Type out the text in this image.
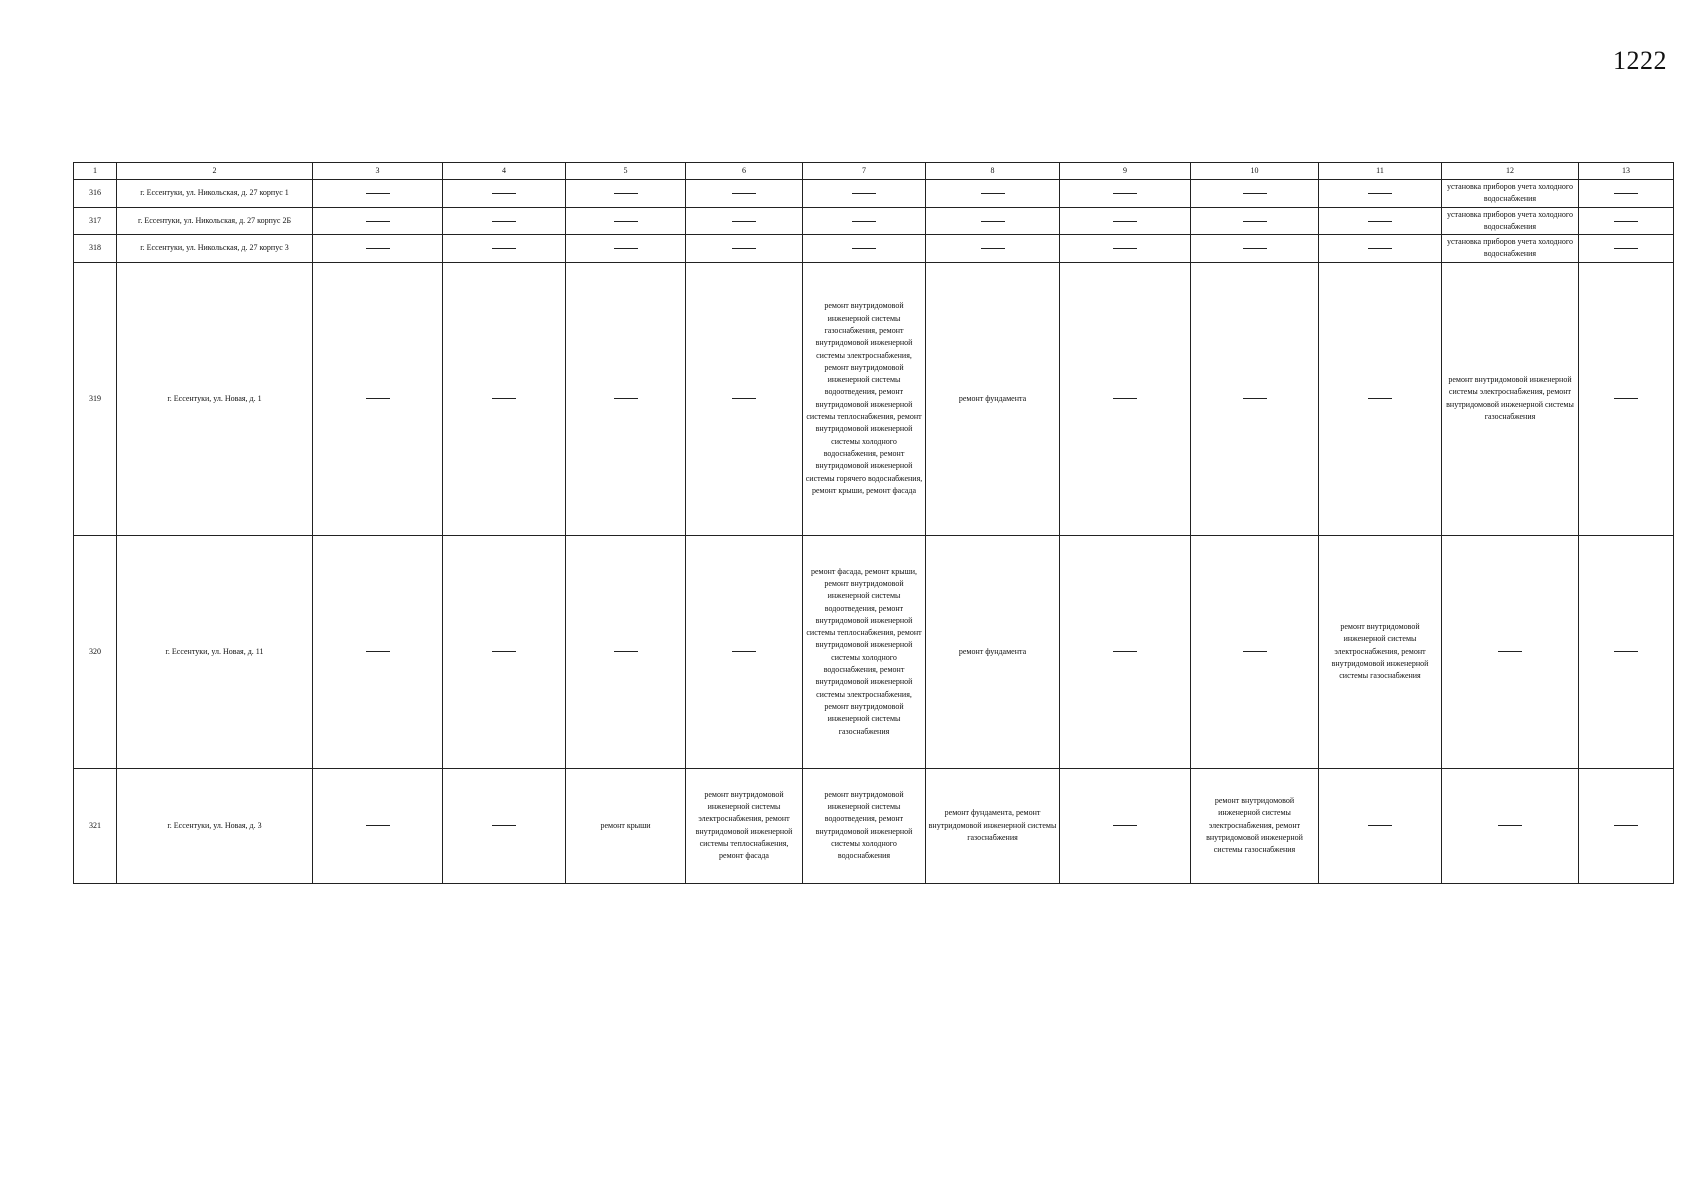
1222
1	2	3	4	5	6	7	8	9	10	11	12	13
316	г. Ессентуки, ул. Никольская, д. 27 корпус 1										установка приборов учета холодного водоснабжения	
317	г. Ессентуки, ул. Никольская, д. 27 корпус 2Б										установка приборов учета холодного водоснабжения	
318	г. Ессентуки, ул. Никольская, д. 27 корпус 3										установка приборов учета холодного водоснабжения	
319	г. Ессентуки, ул. Новая, д. 1					ремонт внутридомовой инженерной системы газоснабжения, ремонт внутридомовой инженерной системы электроснабжения, ремонт внутридомовой инженерной системы водоотведения, ремонт внутридомовой инженерной системы теплоснабжения, ремонт внутридомовой инженерной системы холодного водоснабжения, ремонт внутридомовой инженерной системы горячего водоснабжения, ремонт крыши, ремонт фасада	ремонт фундамента				ремонт внутридомовой инженерной системы электроснабжения, ремонт внутридомовой инженерной системы газоснабжения	
320	г. Ессентуки, ул. Новая, д. 11					ремонт фасада, ремонт крыши, ремонт внутридомовой инженерной системы водоотведения, ремонт внутридомовой инженерной системы теплоснабжения, ремонт внутридомовой инженерной системы холодного водоснабжения, ремонт внутридомовой инженерной системы электроснабжения, ремонт внутридомовой инженерной системы газоснабжения	ремонт фундамента			ремонт внутридомовой инженерной системы электроснабжения, ремонт внутридомовой инженерной системы газоснабжения		
321	г. Ессентуки, ул. Новая, д. 3			ремонт крыши	ремонт внутридомовой инженерной системы электроснабжения, ремонт внутридомовой инженерной системы теплоснабжения, ремонт фасада	ремонт внутридомовой инженерной системы водоотведения, ремонт внутридомовой инженерной системы холодного водоснабжения	ремонт фундамента, ремонт внутридомовой инженерной системы газоснабжения		ремонт внутридомовой инженерной системы электроснабжения, ремонт внутридомовой инженерной системы газоснабжения			
